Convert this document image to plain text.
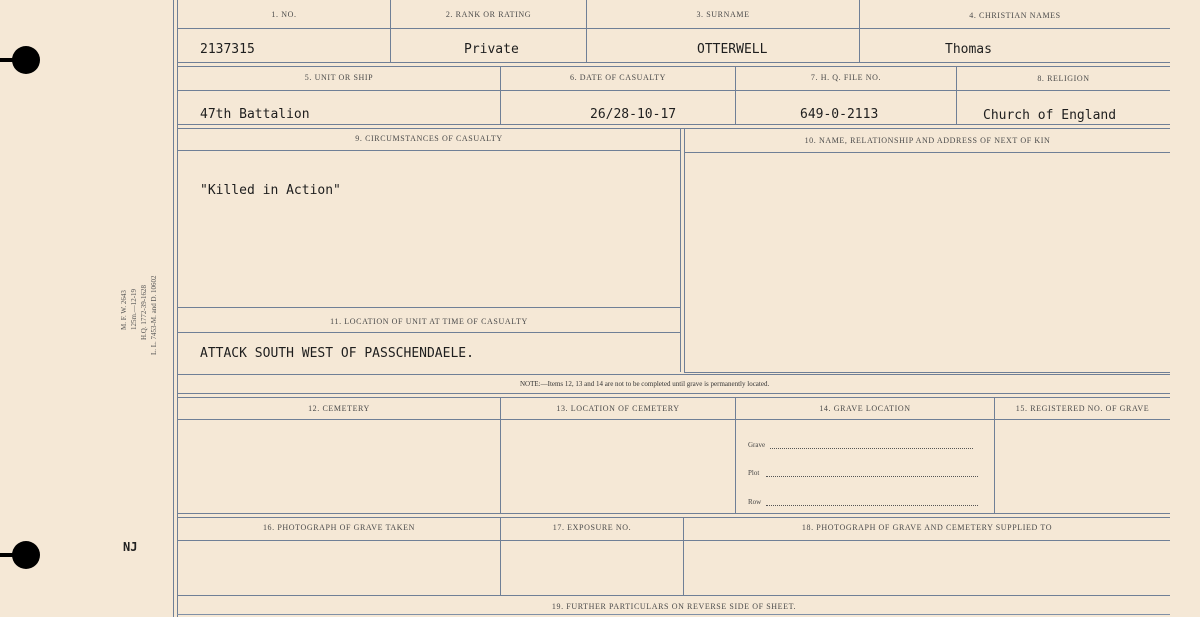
M. F. W. 2643 125m.—12-19 H.Q. 1772-39-1628 L. L. 7453-M. and D. 10602
NJ
1. NO.	2. RANK OR RATING	3. SURNAME	4. CHRISTIAN NAMES
2137315	Private	OTTERWELL	Thomas
5. UNIT OR SHIP	6. DATE OF CASUALTY	7. H. Q. FILE NO.	8. RELIGION
47th Battalion	26/28-10-17	649-0-2113	Church of England
9. CIRCUMSTANCES OF CASUALTY	10. NAME, RELATIONSHIP AND ADDRESS OF NEXT OF KIN
"Killed in Action"
11. LOCATION OF UNIT AT TIME OF CASUALTY
ATTACK SOUTH WEST OF PASSCHENDAELE.
NOTE:—Items 12, 13 and 14 are not to be completed until grave is permanently located.
12. CEMETERY	13. LOCATION OF CEMETERY	14. GRAVE LOCATION	15. REGISTERED NO. OF GRAVE
Grave
Plot
Row
16. PHOTOGRAPH OF GRAVE TAKEN	17. EXPOSURE NO.	18. PHOTOGRAPH OF GRAVE AND CEMETERY SUPPLIED TO
19. FURTHER PARTICULARS ON REVERSE SIDE OF SHEET.
